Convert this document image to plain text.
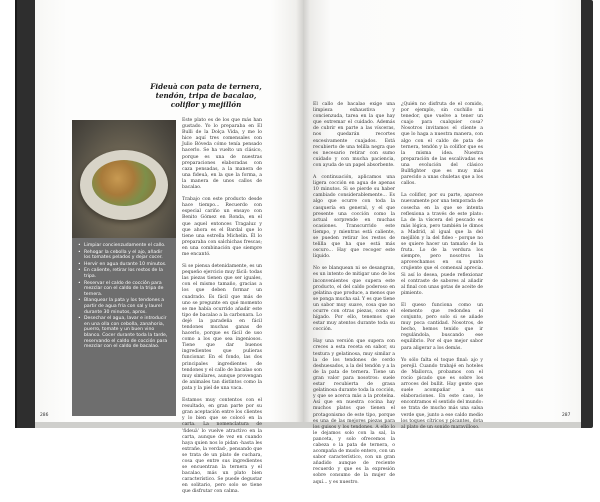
Fideuà con pata de ternera,
tendón, tripa de bacalao,
coliflor y mejillón
• Limpiar concienzudamente el callo.
• Rehogar la cebolla y el ajo, añadir los tomates pelados y dejar cocer.
• Hervir en agua durante 10 minutos.
• En caliente, retirar los restos de la tripa.
• Reservar el caldo de cocción para mezclar con el caldo de la tripa de ternera.
• Blanquear la pata y los tendones a partir de agua fría con sal y laurel durante 30 minutos, aprox.
• Desechar el agua, lavar e introducir en una olla con cebolla, zanahoria, puerro, tomate y un buen vino blanco. Cocer durante toda la tarde, reservando el caldo de cocción para mezclar con el caldo de bacalao.

Este plato es de los que más han gustado. Yo lo preparaba en El Bulli de la Dolça Vida, y me lo hice aquí tres comensales con Julio Bóveda cómo tenía pensado hacerlo. Se ha vuelto un clásico, porque es una de nuestras preparaciones elaboradas con caza pensadas, a la manera de una fideuà, en la que la forma, a la manera de unos callos de bacalao.

Trabajo con este producto desde hace tiempo... Recuerdo con especial cariño un ensayo con Benito Gómez en Ronda, en el que aquel entonces Tragaluz y que ahora es el Bardal que lo tiene una estrella Michelin. Él lo preparaba con salchichas frescas; en una combinación que siempre me encantó.

Si se piensa detenidamente, es un pequeño ejercicio muy fácil: todas las piezas tienen que ser iguales, con el mismo tamaño, gracias a los que deben formar un cuadrado. Es fácil que más de uno se pregunte en qué momento se me había ocurrido añadir este tipo de bacalao a la carbonara. Lo dejé la paradeña en fácil tendones muchas ganas de hacerlo, porque es fácil de uso como a los que sea ingeniosos. Tiene que dar buenos ingredientes que pulieras funcionar. En el fondo, las dos principales ingredientes de tendones y el callo de bacalao son muy similares, aunque provengan de animales tan distintos como la pata y la piel de una vaca.

Estamos muy contentos con el resultado, en gran parte por su gran aceptación entre los clientes y lo bien que se colocó en la carta. La nomenclatura de 'fideuà' lo vuelve atractivo en la carta, aunque de vez en cuando haya quien nos lo pidan -hasta les extrañe, la verdad-, pensando que se trata de un plato de cuchara, cosa que entre sus ingredientes se encuentran la ternera y el bacalao, más un plato bien característico. Se puede degustar en solitario, pero solo se tiene que disfrutar con calma.

El callo de bacalao exige una limpieza exhaustiva y concienzuda, tarea en la que hay que extremar el cuidado. Además de cubrir en parte a las vísceras, nos quedarán recortes excesivamente cuajados. Está recubierto de una telilla negra que es necesario retirar con sumo cuidado y con mucha paciencia, con ayuda de un papel absorbente.

A continuación, aplicamos una ligera cocción en agua de apenas 10 minutos. Si se pierde su haber cambiado considerablemente... Es algo que ocurre con toda la casquería en general, y el que presente una cocción como la actual sorprende en muchas ocasiones. Transcurrido este tiempo, y mientras está caliente, se pueden retirar los restos de telilla que ha que está más oscuro... Hay que recoger este líquido.

No se blanquean ni se desangran, es un intento de mitigar uno de los inconvenientes que supera este producto, el del caldo poderoso en gelatina que produce, a menos que se ponga mucha sal. Y es que tiene un sabor muy suave, cosa que no ocurre con otras piezas, como el hígado. Por ello, tenemos que estar muy atentos durante toda su cocción.

Hay una versión que supera con creces a esta receta en sabor, su textura y gelatinosa, muy similar a la de los tendones de cerdo deshuesados, a la del tendón y a la de la pata de ternera. Tiene un gran valor para nosotros: suele estar recubierta de grasa gelatinosa durante toda la cocción, y que se acerca más a la proteína. Así que en nuestra cocina hay muchos platos que tienen el protagonismo de este tipo, porque es una de las mejores piezas para los guisos y los tendones. A ello lo le dejamos solo con la sal, la panceta, y solo ofrecemos la cabeza o la pata de ternera, o acompaña de muslo entero, con un sabor característico, con un gran añadido aunque de reciente recuerdo y que es la expresión sobre consumo de la mujer de aquí... y es nuestro.

¿Quién no disfruta de el comido, por ejemplo, sin cuchillo ni tenedor, que vuelve a tener un cuajo para cualquier cosa? Nosotros invitamos el cliente a que lo haga a nuestra manera, con algo con el caldo de pata de ternera, tendón y la coliflor que es la misma idea. Nuestra preparación de las escalivadas es una evolución del clásico Bullfighter que es muy más parecido a unas chuletas que a los callos.

La coliflor, por su parte, aparece nuevamente por una temporada de cosecha en la que se intenta reflexiona a través de este plato: La de la víscera del pescado es más lógica, pero también le dimos a Madrid, al igual que la del mejillón y la del fideo - porque no se quiere hacer un tamaño de la fruta. Lo de la verdura los siempre, pero nosotros la aprovechamos en su punto crujiente que el comensal aprecia. Si así lo desea, puede reflexionar el contraste de sabores al añadir al final con unas gotas de aceite de pimiento.

El queso funciona como un elemento que redondea el conjunto, pero solo si se añade muy poca cantidad. Nosotros, de hecho, hemos tenido que ir regulándola, buscando ese equilibrio. Por el que mejor sabor para aligerar a los demás.

Yo sólo falta el toque final: ajo y perejil. Cuando trabajé en hoteles de Mallorca, probamos con el rocío picado que es sobre los arroces del bullit. Hay gente que suele acompañar a sus elaboraciones. En este caso, le encontramos el sentido del mundo: se trata de mucho más una salsa verde que, junto a ese caldo medio los toques cítricos y picantes, dota al plato de un sonido maravilloso.

286	287
